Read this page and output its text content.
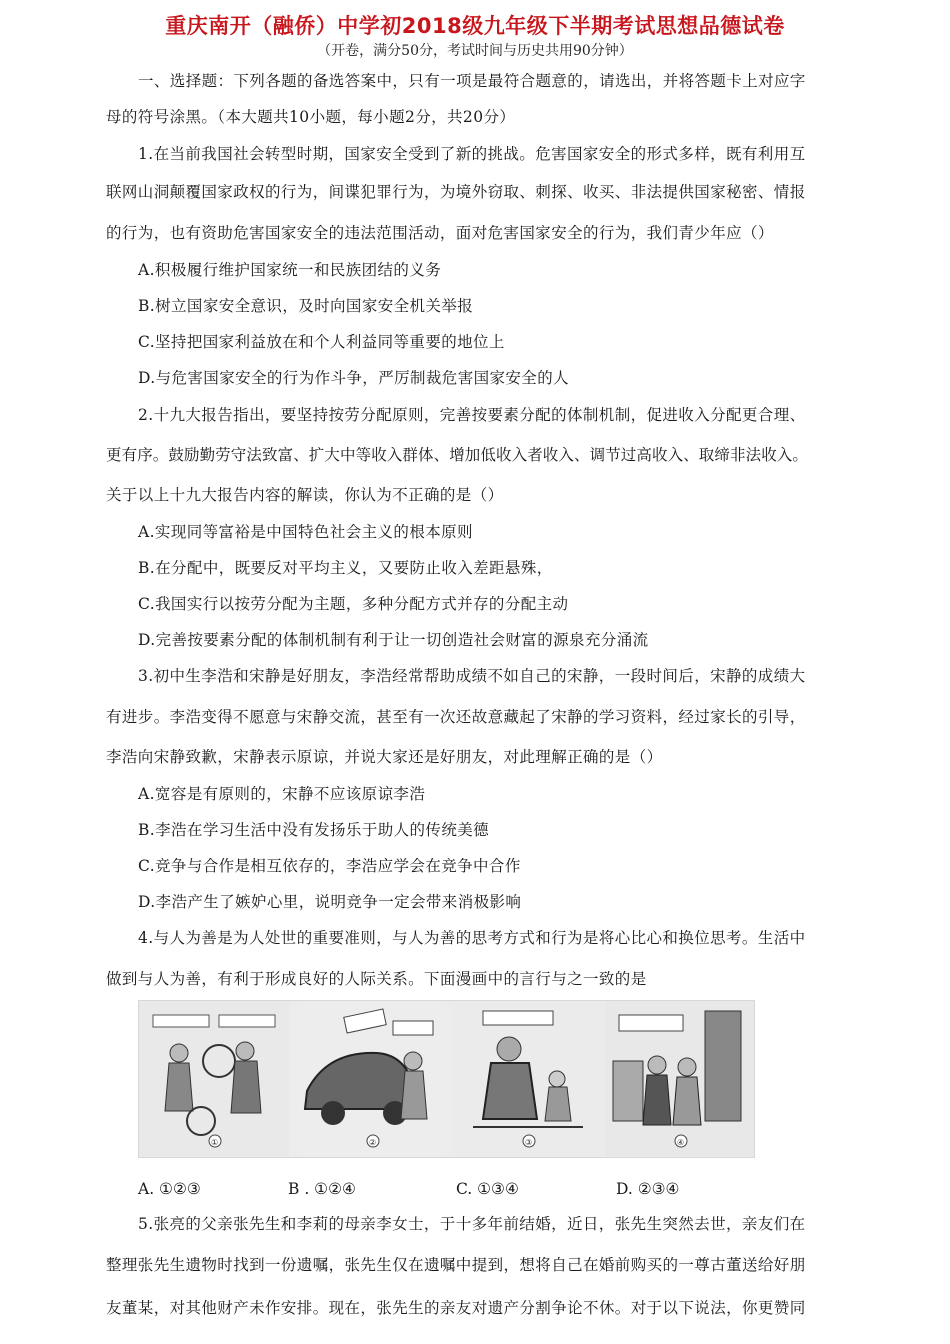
重庆南开（融侨）中学初2018级九年级下半期考试思想品德试卷
（开卷，满分50分，考试时间与历史共用90分钟）
一、选择题：下列各题的备选答案中，只有一项是最符合题意的，请选出，并将答题卡上对应字
母的符号涂黑。（本大题共10小题，每小题2分，共20分）
1.在当前我国社会转型时期，国家安全受到了新的挑战。危害国家安全的形式多样，既有利用互
联网山洞颠覆国家政权的行为，间谍犯罪行为，为境外窃取、刺探、收买、非法提供国家秘密、情报
的行为，也有资助危害国家安全的违法范围活动，面对危害国家安全的行为，我们青少年应（）
A.积极履行维护国家统一和民族团结的义务
B.树立国家安全意识，及时向国家安全机关举报
C.坚持把国家利益放在和个人利益同等重要的地位上
D.与危害国家安全的行为作斗争，严厉制裁危害国家安全的人
2.十九大报告指出，要坚持按劳分配原则，完善按要素分配的体制机制，促进收入分配更合理、
更有序。鼓励勤劳守法致富、扩大中等收入群体、增加低收入者收入、调节过高收入、取缔非法收入。
关于以上十九大报告内容的解读，你认为不正确的是（）
A.实现同等富裕是中国特色社会主义的根本原则
B.在分配中，既要反对平均主义，又要防止收入差距悬殊，
C.我国实行以按劳分配为主题，多种分配方式并存的分配主动
D.完善按要素分配的体制机制有利于让一切创造社会财富的源泉充分涌流
3.初中生李浩和宋静是好朋友，李浩经常帮助成绩不如自己的宋静，一段时间后，宋静的成绩大
有进步。李浩变得不愿意与宋静交流，甚至有一次还故意藏起了宋静的学习资料，经过家长的引导，
李浩向宋静致歉，宋静表示原谅，并说大家还是好朋友，对此理解正确的是（）
A.宽容是有原则的，宋静不应该原谅李浩
B.李浩在学习生活中没有发扬乐于助人的传统美德
C.竞争与合作是相互依存的，李浩应学会在竞争中合作
D.李浩产生了嫉妒心里，说明竞争一定会带来消极影响
4.与人为善是为人处世的重要准则，与人为善的思考方式和行为是将心比心和换位思考。生活中
做到与人为善，有利于形成良好的人际关系。下面漫画中的言行与之一致的是
①	②	③	④
A. ①②③	B . ①②④	C. ①③④	D. ②③④
5.张亮的父亲张先生和李莉的母亲李女士，于十多年前结婚，近日，张先生突然去世，亲友们在
整理张先生遗物时找到一份遗嘱，张先生仅在遗嘱中提到，想将自己在婚前购买的一尊古董送给好朋
友董某，对其他财产未作安排。现在，张先生的亲友对遗产分割争论不休。对于以下说法，你更赞同
